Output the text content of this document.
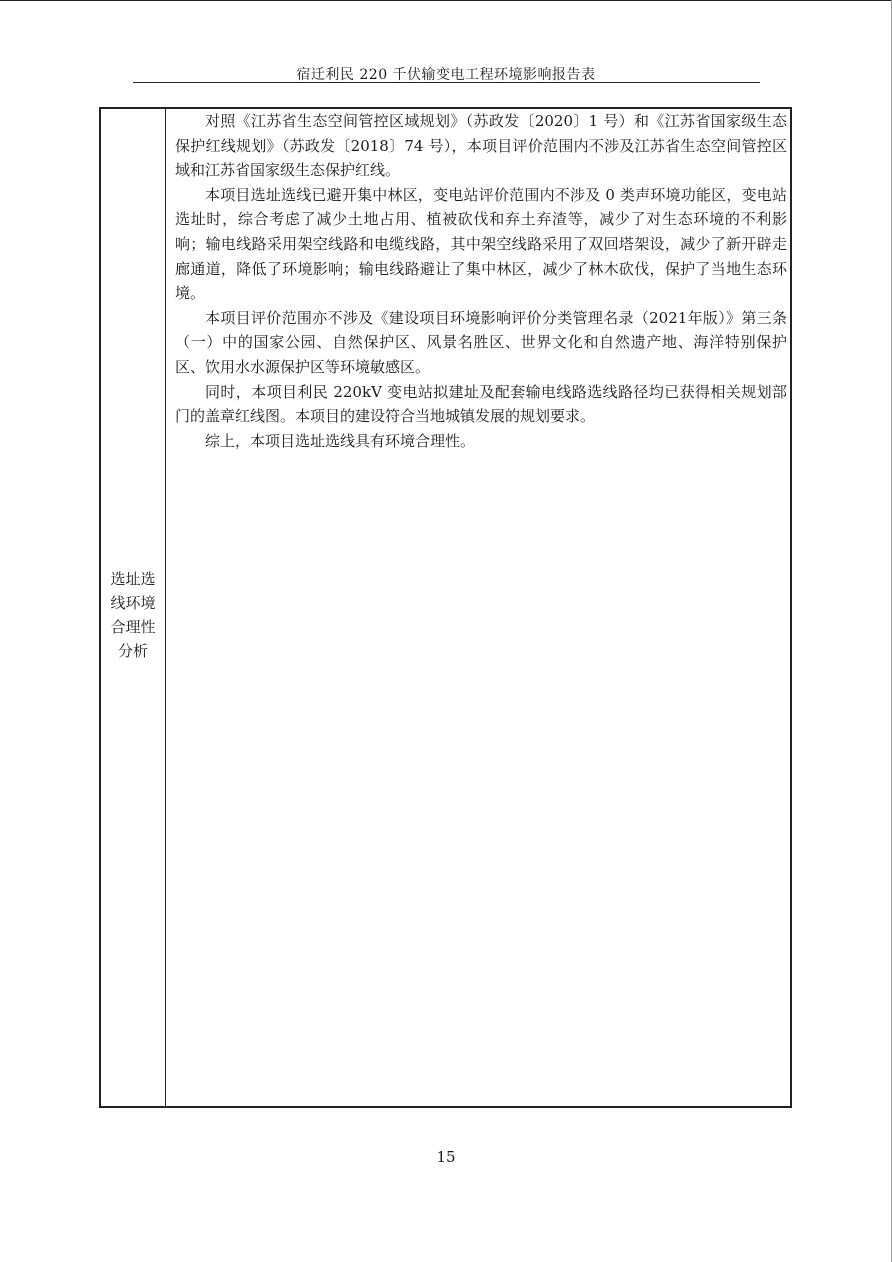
宿迁利民 220 千伏输变电工程环境影响报告表
选址选
线环境
合理性
分析

对照《江苏省生态空间管控区域规划》（苏政发〔2020〕1 号）和《江苏省国家级生态保护红线规划》（苏政发〔2018〕74 号），本项目评价范围内不涉及江苏省生态空间管控区域和江苏省国家级生态保护红线。

本项目选址选线已避开集中林区，变电站评价范围内不涉及 0 类声环境功能区，变电站选址时，综合考虑了减少土地占用、植被砍伐和弃土弃渣等，减少了对生态环境的不利影响；输电线路采用架空线路和电缆线路，其中架空线路采用了双回塔架设，减少了新开辟走廊通道，降低了环境影响；输电线路避让了集中林区，减少了林木砍伐，保护了当地生态环境。

本项目评价范围亦不涉及《建设项目环境影响评价分类管理名录（2021年版）》第三条（一）中的国家公园、自然保护区、风景名胜区、世界文化和自然遗产地、海洋特别保护区、饮用水水源保护区等环境敏感区。

同时，本项目利民 220kV 变电站拟建址及配套输电线路选线路径均已获得相关规划部门的盖章红线图。本项目的建设符合当地城镇发展的规划要求。

综上，本项目选址选线具有环境合理性。

15
